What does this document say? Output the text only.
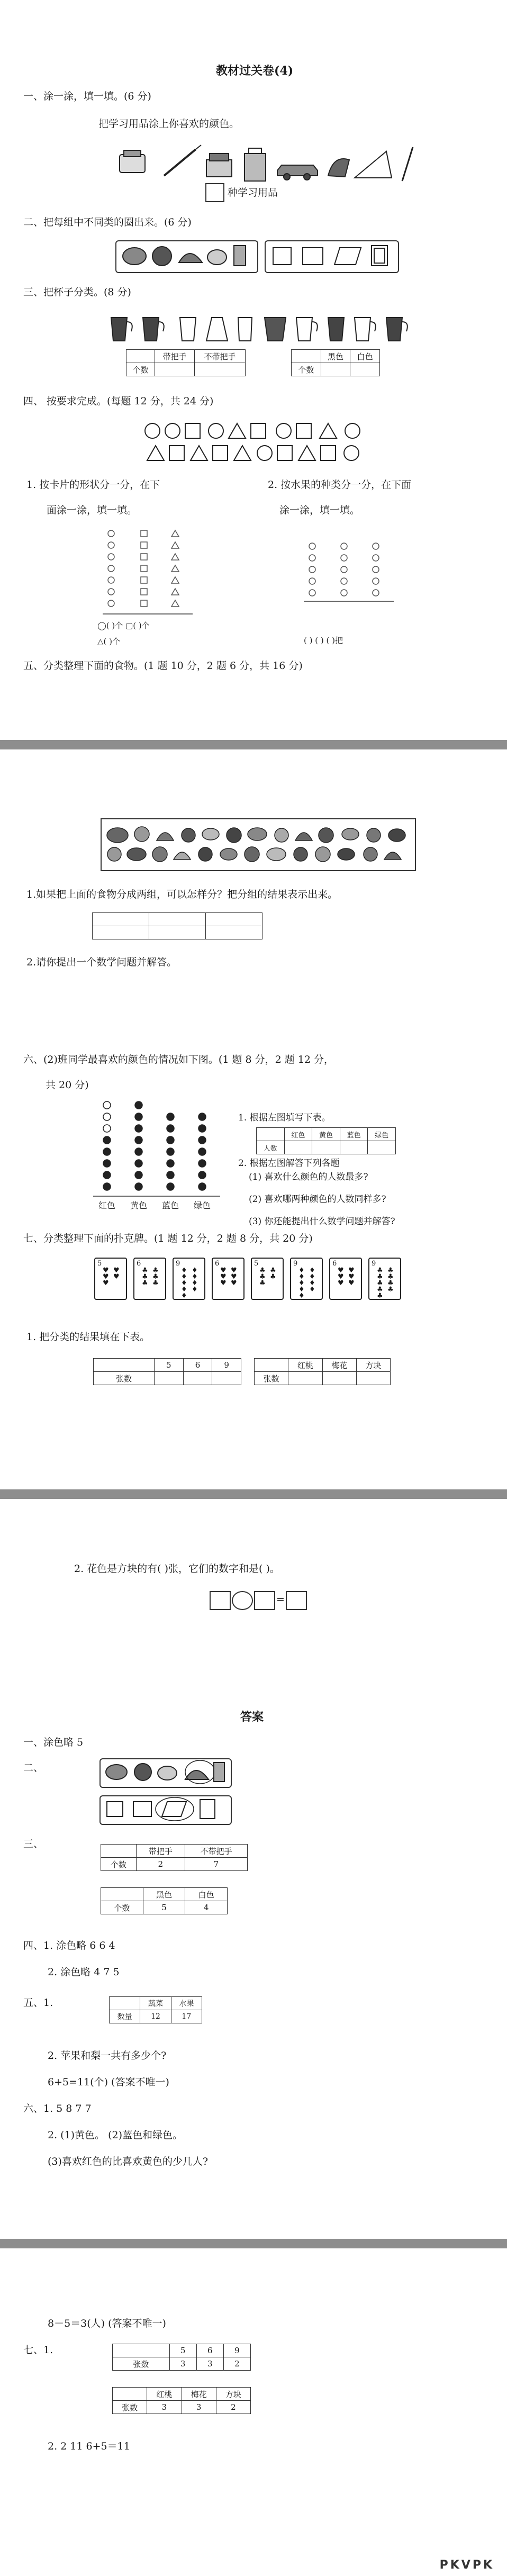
教材过关卷(4)
一、涂一涂，填一填。(6 分)
把学习用品涂上你喜欢的颜色。
种学习用品
二、把每组中不同类的圈出来。(6 分)
三、把杯子分类。(8 分)
	带把手	不带把手
个数		
	黑色	白色
个数		
四、 按要求完成。(每题 12 分，共 24 分)
1. 按卡片的形状分一分，在下
面涂一涂，填一填。
2. 按水果的种类分一分，在下面
涂一涂，填一填。
◯( )个 ▢( )个
△( )个	( ) ( ) ( )把
五、分类整理下面的食物。(1 题 10 分，2 题 6 分，共 16 分)
1.如果把上面的食物分成两组，可以怎样分？把分组的结果表示出来。

2.请你提出一个数学问题并解答。
六、(2)班同学最喜欢的颜色的情况如下图。(1 题 8 分，2 题 12 分，
共 20 分)
红色 黄色 蓝色 绿色
1. 根据左图填写下表。
	红色	黄色	蓝色	绿色
人数				
2. 根据左图解答下列各题
(1) 喜欢什么颜色的人数最多?
(2) 喜欢哪两种颜色的人数同样多?
(3) 你还能提出什么数学问题并解答?
七、分类整理下面的扑克牌。(1 题 12 分，2 题 8 分，共 20 分)
5
♥ ♥
♥ ♥
♥
6
♣ ♣
♣ ♣
♣ ♣
9
♦ ♦
♦ ♦
♦ ♦
♦ ♦
♦
6
♥ ♥
♥ ♥
♥ ♥
5
♣ ♣
♣ ♣
♣
9
♦ ♦
♦ ♦
♦ ♦
♦ ♦
♦
6
♥ ♥
♥ ♥
♥ ♥
9
♣ ♣
♣ ♣
♣ ♣
♣ ♣
♣
1. 把分类的结果填在下表。
	5	6	9
张数			
	红桃	梅花	方块
张数			
2. 花色是方块的有( )张，它们的数字和是( )。
=
答案
一、涂色略 5
二、
三、
	带把手	不带把手
个数	2	7
	黑色	白色
个数	5	4
四、1. 涂色略 6 6 4
2. 涂色略 4 7 5
五、1.
		蔬菜	水果
数量	12	17
2. 苹果和梨一共有多少个?
6+5=11(个) (答案不唯一)
六、1. 5 8 7 7
2. (1)黄色。 (2)蓝色和绿色。
(3)喜欢红色的比喜欢黄色的少几人?
8－5＝3(人) (答案不唯一)
七、1.
		5	6	9
张数	3	3	2
	红桃	梅花	方块
张数	3	3	2
2. 2 11 6+5＝11
PKVPK
